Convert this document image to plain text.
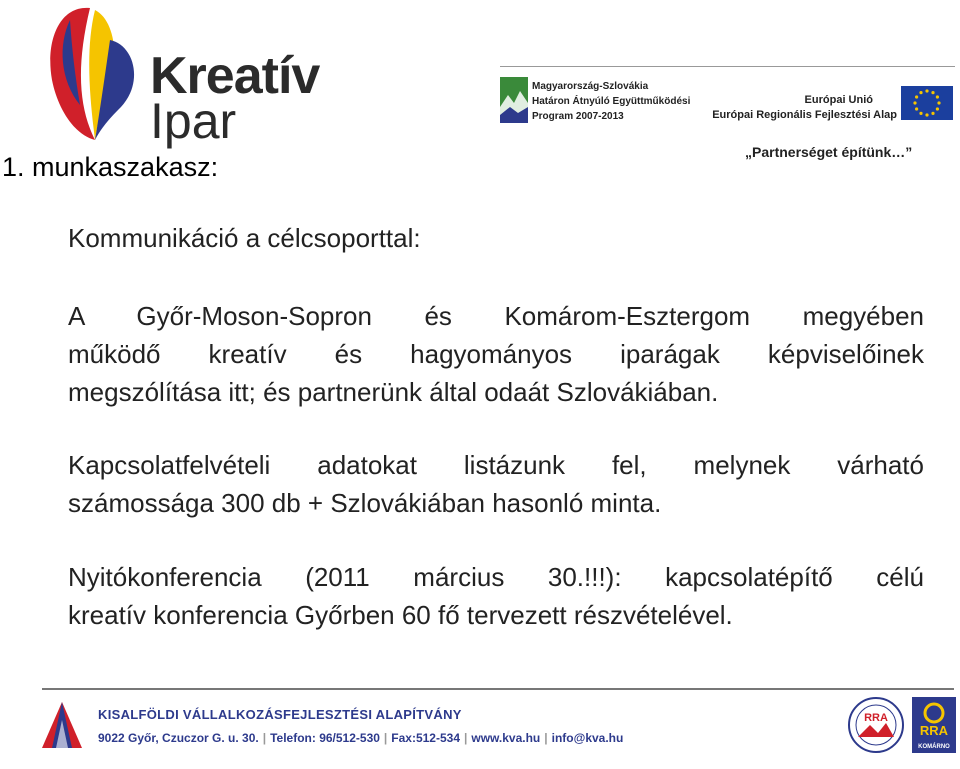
Kreatív
Ipar
Magyarország-Szlovákia
Határon Átnyúló Együttműködési
Program 2007-2013
Európai Unió
Európai Regionális Fejlesztési Alap
„Partnerséget építünk…”
1. munkaszakasz:
Kommunikáció a célcsoporttal:
A Győr-Moson-Sopron és Komárom-Esztergom megyében
működő kreatív és hagyományos iparágak képviselőinek
megszólítása itt; és partnerünk által odaát Szlovákiában.
Kapcsolatfelvételi adatokat listázunk fel, melynek várható
számossága 300 db + Szlovákiában hasonló minta.
Nyitókonferencia (2011 március 30.!!!): kapcsolatépítő célú
kreatív konferencia Győrben 60 fő tervezett részvételével.
KISALFÖLDI VÁLLALKOZÁSFEJLESZTÉSI ALAPÍTVÁNY
9022 Győr, Czuczor G. u. 30. | Telefon: 96/512-530 | Fax:512-534 | www.kva.hu | info@kva.hu
RRA
RRA
KOMÁRNO
